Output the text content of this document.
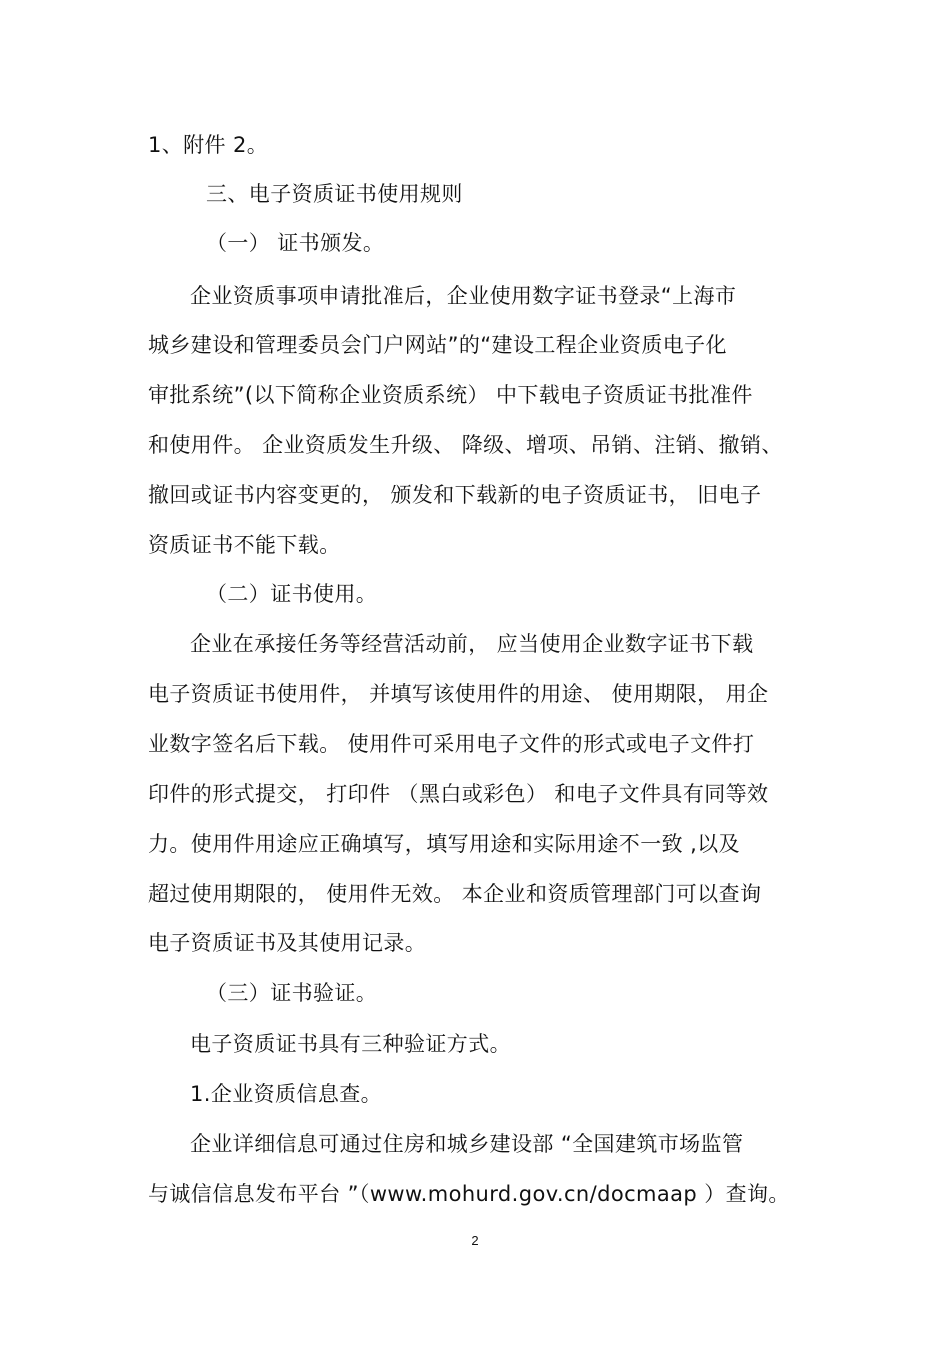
1、附件 2。
三、电子资质证书使用规则
（一） 证书颁发。
企业资质事项申请批准后，企业使用数字证书登录“上海市
城乡建设和管理委员会门户网站”的“建设工程企业资质电子化
审批系统”(以下简称企业资质系统） 中下载电子资质证书批准件
和使用件。 企业资质发生升级、 降级、增项、吊销、注销、撤销、
撤回或证书内容变更的， 颁发和下载新的电子资质证书， 旧电子
资质证书不能下载。
（二）证书使用。
企业在承接任务等经营活动前， 应当使用企业数字证书下载
电子资质证书使用件， 并填写该使用件的用途、 使用期限， 用企
业数字签名后下载。 使用件可采用电子文件的形式或电子文件打
印件的形式提交， 打印件 （黑白或彩色） 和电子文件具有同等效
力。使用件用途应正确填写，填写用途和实际用途不一致 ,以及
超过使用期限的， 使用件无效。 本企业和资质管理部门可以查询
电子资质证书及其使用记录。
（三）证书验证。
电子资质证书具有三种验证方式。
1.企业资质信息查。
企业详细信息可通过住房和城乡建设部 “全国建筑市场监管
与诚信信息发布平台 ”（www.mohurd.gov.cn/docmaap ）查询。
2
